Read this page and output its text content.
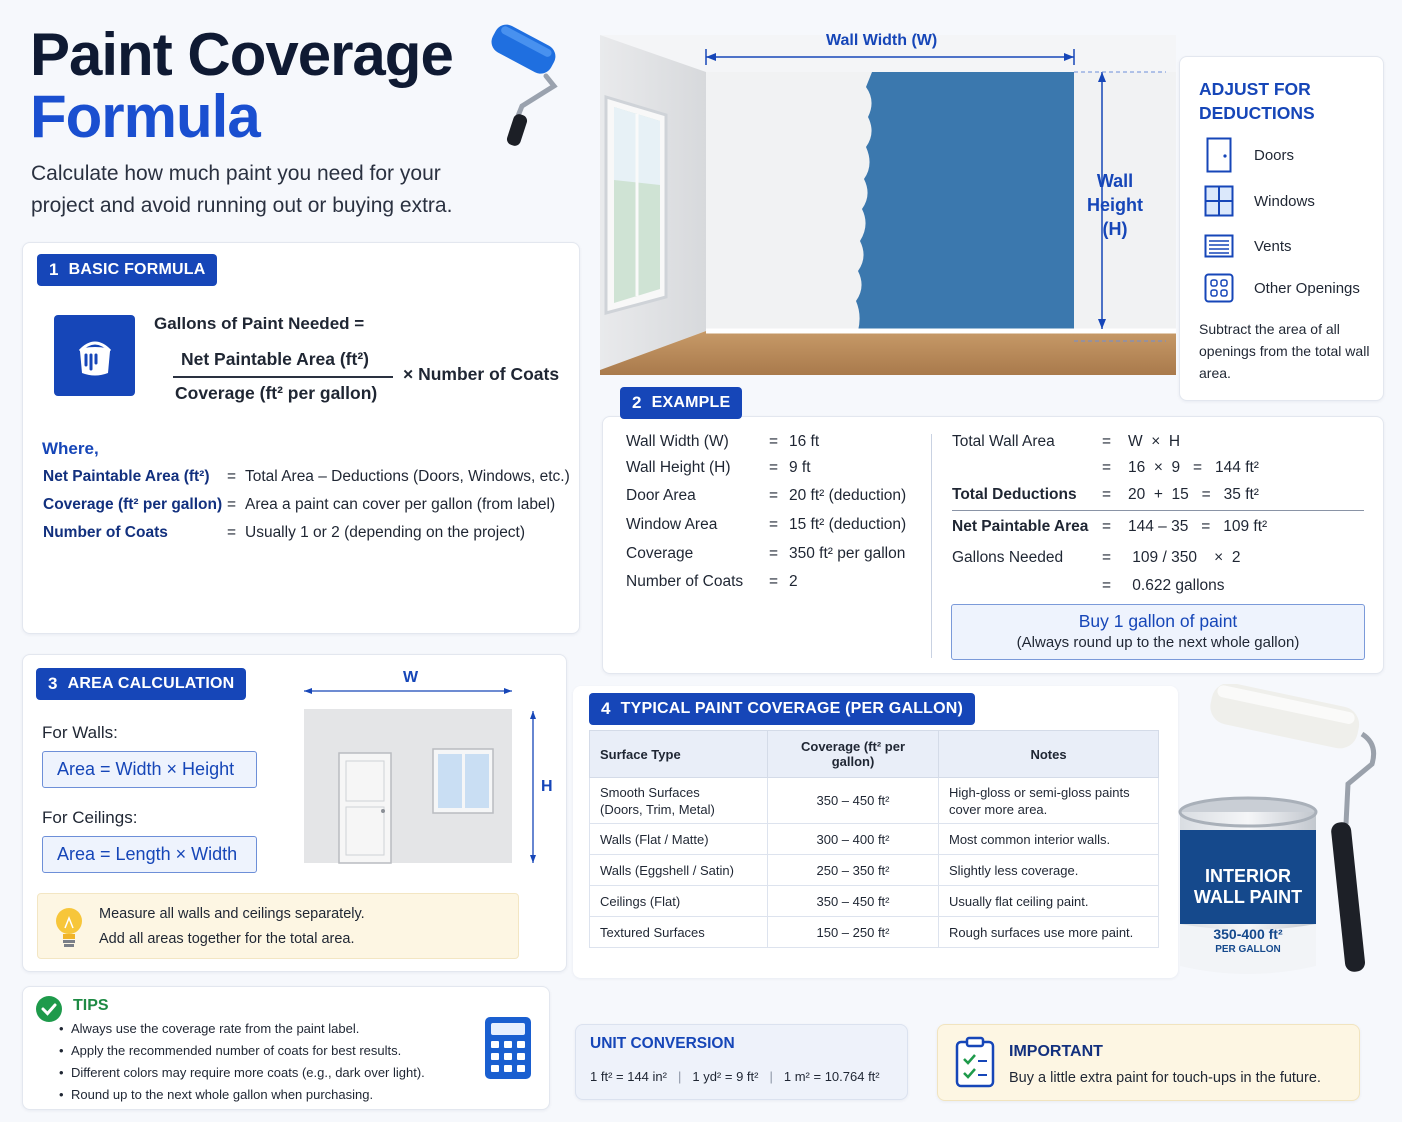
Paint Coverage
Formula
Calculate how much paint you need for your project and avoid running out or buying extra.
1 BASIC FORMULA
Gallons of Paint Needed =
Net Paintable Area (ft²)
Coverage (ft² per gallon)
× Number of Coats
Where,
Net Paintable Area (ft²)	= Total Area – Deductions (Doors, Windows, etc.)
Coverage (ft² per gallon) = Area a paint can cover per gallon (from label)
Number of Coats	= Usually 1 or 2 (depending on the project)
Wall Width (W)
Wall
Height
(H)
ADJUST FOR
DEDUCTIONS
Doors
Windows
Vents
Other Openings
Subtract the area of all openings from the total wall area.
2 EXAMPLE
Wall Width (W)	= 16 ft
Wall Height (H)	= 9 ft
Door Area	= 20 ft² (deduction)
Window Area	= 15 ft² (deduction)
Coverage	= 350 ft² per gallon
Number of Coats	= 2
Total Wall Area	=	W  ×  H
=	16  ×  9   =   144 ft²
Total Deductions	=	20  +  15   =   35 ft²
Net Paintable Area =	144 – 35   =   109 ft²
Gallons Needed	=	109 / 350    ×  2
=	0.622 gallons
Buy 1 gallon of paint
(Always round up to the next whole gallon)
3 AREA CALCULATION
For Walls:
Area = Width × Height
For Ceilings:
Area = Length × Width
W
H
Measure all walls and ceilings separately.
Add all areas together for the total area.
4 TYPICAL PAINT COVERAGE (PER GALLON)
Surface Type	Coverage (ft² per gallon)	Notes
Smooth Surfaces
(Doors, Trim, Metal)	350 – 450 ft²	High-gloss or semi-gloss paints
cover more area.
Walls (Flat / Matte)	300 – 400 ft²	Most common interior walls.
Walls (Eggshell / Satin)	250 – 350 ft²	Slightly less coverage.
Ceilings (Flat)	350 – 450 ft²	Usually flat ceiling paint.
Textured Surfaces	150 – 250 ft²	Rough surfaces use more paint.
INTERIOR
WALL PAINT
350-400 ft²
PER GALLON
TIPS
• Always use the coverage rate from the paint label.
• Apply the recommended number of coats for best results.
• Different colors may require more coats (e.g., dark over light).
• Round up to the next whole gallon when purchasing.
UNIT CONVERSION
1 ft² = 144 in² | 1 yd² = 9 ft² | 1 m² = 10.764 ft²
IMPORTANT
Buy a little extra paint for touch-ups in the future.
